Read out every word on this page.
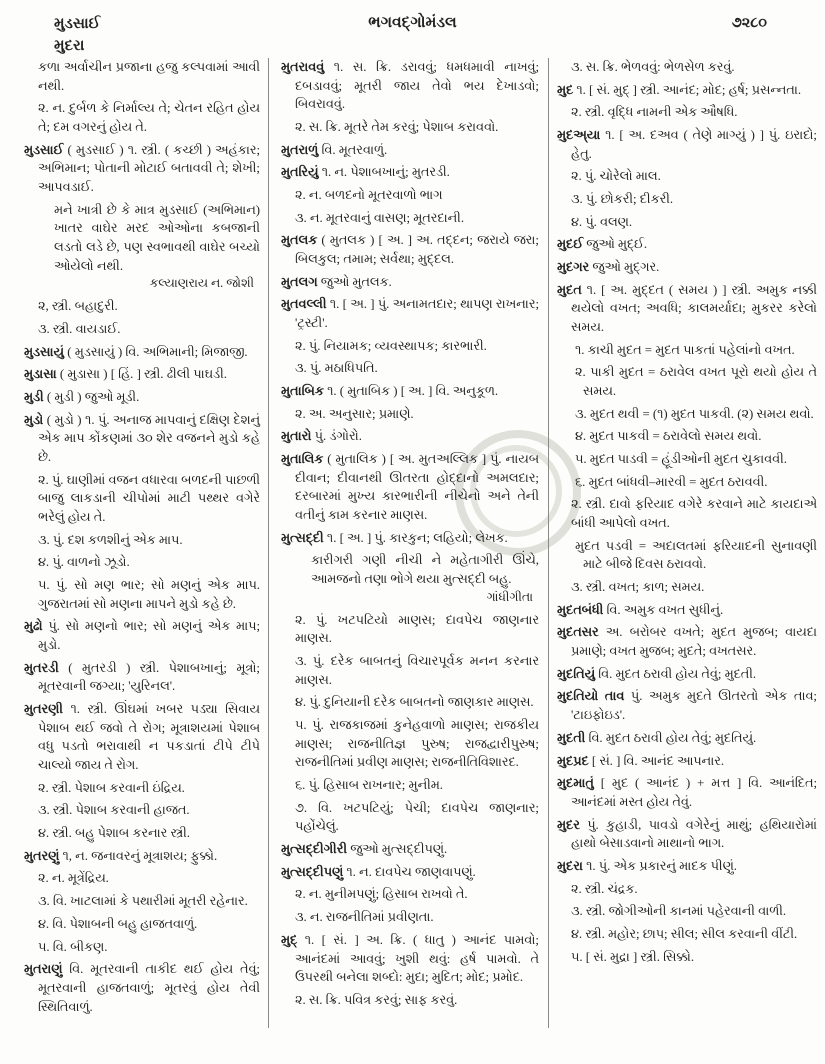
મુડસાઈ
મુદરા
ભગવદ્ગોમંડલ	૭૨૮૦
કળા અર્વાચીન પ્રજાના હજુ કલ્પવામાં આવી નથી.
૨. ન. દુર્બળ કે નિર્માલ્ય તે; ચેતન રહિત હોય તે; દમ વગરનું હોય તે.
મુડસાઈ ( મુડસાઈ ) ૧. સ્ત્રી. ( કચ્છી ) અહંકાર; અભિમાન; પોતાની મોટાઈ બતાવવી તે; શેખી; આપવડાઈ.
મને ખાત્રી છે કે માત્ર મુડસાઈ (અભિમાન) ખાતર વાઘેર મરદ ઓઓના કબજાની લડતો લડે છે, પણ સ્વભાવથી વાઘેર બચ્યો ઓયેલો નથી.
કલ્યાણરાય ન. જોશી
૨, સ્ત્રી. બહાદુરી.
૩. સ્ત્રી. વાયડાઈ.
મુડસાયું ( મુડસાયું ) વિ. અભિમાની; મિજાજી.
મુડાસા ( મુડાસા ) [ હિં. ] સ્ત્રી. ઢીલી પાઘડી.
મુડી ( મુડી ) જુઓ મૂડી.
મુડો ( મુડો ) ૧. પું. અનાજ માપવાનું દક્ષિણ દેશનું એક માપ કોંકણમાં ૩૦ શેર વજનને મુડો કહે છે.
૨. પું. ઘાણીમાં વજન વધારવા બળદની પાછળી બાજુ લાકડાની ચીપોમાં માટી પથ્થર વગેરે ભરેલું હોય તે.
૩. પું. દશ કળશીનું એક માપ.
૪. પું. વાળનો ઝૂડો.
૫. પું. સો મણ ભાર; સો મણનું એક માપ. ગુજરાતમાં સો મણના માપને મુડો કહે છે.
મુઢો પું. સો મણનો ભાર; સો મણનું એક માપ; મુડો.
મુતરડી ( મુતરડી ) સ્ત્રી. પેશાબખાનું; મૂત્રો; મૂતરવાની જગ્યા; 'યુરિનલ'.
મુતરણી ૧. સ્ત્રી. ઊંઘમાં ખબર પડ્યા સિવાય પેશાબ થઈ જવો તે રોગ; મૂત્રાશયમાં પેશાબ વધુ પડતો ભરાવાથી ન પકડાતાં ટીપે ટીપે ચાલ્યો જાય તે રોગ.
૨. સ્ત્રી. પેશાબ કરવાની ઇંદ્રિય.
૩. સ્ત્રી. પેશાબ કરવાની હાજત.
૪. સ્ત્રી. બહુ પેશાબ કરનાર સ્ત્રી.
મુતરણું ૧, ન. જનાવરનું મૂત્રાશય; ફુક્કો.
૨. ન. મૂત્રેંદ્રિય.
૩. વિ. ખાટલામાં કે પથારીમાં મૂતરી રહેનાર.
૪. વિ. પેશાબની બહુ હાજતવાળું.
૫. વિ. બીકણ.
મુતરાણું વિ. મૂતરવાની તાકીદ થઈ હોય તેવું; મૂતરવાની હાજતવાળું; મૂતરવું હોય તેવી સ્થિતિવાળું.
મુતરાવવું ૧. સ. ક્રિ. ડરાવવું; ધમધમાવી નાખવું; દબડાવવું; મૂતરી જાય તેવો ભય દેખાડવો; બિવરાવવું.
૨. સ. ક્રિ. મૂતરે તેમ કરવું; પેશાબ કરાવવો.
મુતરાળું વિ. મૂતરવાળું.
મુતરિયું ૧. ન. પેશાબખાનું; મુતરડી.
૨. ન. બળદનો મૂતરવાળો ભાગ
૩. ન. મૂતરવાનું વાસણ; મૂતરદાની.
મુતલક ( મુતલક ) [ અ. ] અ. તદ્દન; જરાયે જરા; બિલકુલ; તમામ; સર્વથા; મુદ્દલ.
મુતલગ જુઓ મુતલક.
મુતવલ્લી ૧. [ અ. ] પું. અનામતદાર; થાપણ રાખનાર; 'ટ્રસ્ટી'.
૨. પું. નિયામક; વ્યવસ્થાપક; કારભારી.
૩. પું. મઠાધિપતિ.
મુતાબિક ૧. ( મુતાબિક ) [ અ. ] વિ. અનુકૂળ.
૨. અ. અનુસાર; પ્રમાણે.
મુતારો પું. ડંગોરો.
મુતાલિક ( મુતાલિક ) [ અ. મુતઅલ્લિક ] પું. નાયબ દીવાન; દીવાનથી ઊતરતા હોદ્દાનો અમલદાર; દરબારમાં મુખ્ય કારભારીની નીચેનો અને તેની વતીનું કામ કરનાર માણસ.
મુત્સદ્દી ૧. [ અ. ] પું. કારકુન; લહિયો; લેખક.
કારીગરી ગણી નીચી ને મહેતાગીરી ઊંચે, આમજનો તણા ભોગે થયા મુત્સદ્દી બહુ.
ગાંધીગીતા
૨. પું. ખટપટિયો માણસ; દાવપેચ જાણનાર માણસ.
૩. પું. દરેક બાબતનું વિચારપૂર્વક મનન કરનાર માણસ.
૪. પું. દુનિયાની દરેક બાબતનો જાણકાર માણસ.
૫. પું. રાજકાજમાં કુનેહવાળો માણસ; રાજકીય માણસ; રાજનીતિજ્ઞ પુરુષ; રાજદ્વારીપુરુષ; રાજનીતિમાં પ્રવીણ માણસ; રાજનીતિવિશારદ.
૬. પું. હિસાબ રાખનાર; મુનીમ.
૭. વિ. ખટપટિયું; પેચી; દાવપેચ જાણનાર; પહોંચેલું.
મુત્સદ્દીગીરી જુઓ મુત્સદ્દીપણું.
મુત્સદ્દીપણું ૧. ન. દાવપેચ જાણવાપણું.
૨. ન. મુનીમપણું; હિસાબ રાખવો તે.
૩. ન. રાજનીતિમાં પ્રવીણતા.
મુદ્ ૧. [ સં. ] અ. ક્રિ. ( ધાતુ ) આનંદ પામવો; આનંદમાં આવવું; ખુશી થવું: હર્ષ પામવો. તે ઉપરથી બનેલા શબ્દો: મુદા; મુદિત; મોદ; પ્રમોદ.
૨. સ. ક્રિ. પવિત્ર કરવું; સાફ કરવું.
૩. સ. ક્રિ. ભેળવવું: ભેળસેળ કરવું.
મુદ ૧. [ સં. મુદ્ ] સ્ત્રી. આનંદ; મોદ; હર્ષ; પ્રસન્નતા.
૨. સ્ત્રી. વૃદ્ધિ નામની એક ઔષધિ.
મુદઅ્યા ૧. [ અ. દઅવ ( તેણે માગ્યું ) ] પું. ઇરાદો; હેતુ.
૨. પું. ચોરેલો માલ.
૩. પું. છોકરી; દીકરી.
૪. પું. વલણ.
મુદઈ જુઓ મુદ્ઈ.
મુદગર જુઓ મુદ્ગર.
મુદત ૧. [ અ. મુદ્દત ( સમય ) ] સ્ત્રી. અમુક નક્કી થયેલો વખત; અવધિ; કાલમર્યાદા; મુકરર કરેલો સમય.
૧. કાચી મુદત = મુદત પાકતાં પહેલાંનો વખત.
૨. પાકી મુદત = ઠરાવેલ વખત પૂરો થયો હોય તે સમય.
૩. મુદત થવી = (૧) મુદત પાકવી. (૨) સમય થવો.
૪. મુદત પાકવી = ઠરાવેલો સમય થવો.
૫. મુદત પાડવી = હૂંડીઓની મુદત ચુકાવવી.
૬. મુદત બાંધવી–મારવી = મુદત ઠરાવવી.
૨. સ્ત્રી. દાવો ફરિયાદ વગેરે કરવાને માટે કાયદાએ બાંધી આપેલો વખત.
મુદત પડવી = અદાલતમાં ફરિયાદની સુનાવણી માટે બીજે દિવસ ઠરાવવો.
૩. સ્ત્રી. વખત; કાળ; સમય.
મુદતબંધી વિ. અમુક વખત સુધીનું.
મુદતસર અ. બરોબર વખતે; મુદત મુજબ; વાયદા પ્રમાણે; વખત મુજબ; મુદતે; વખતસર.
મુદતિયું વિ. મુદત ઠરાવી હોય તેવું; મુદતી.
મુદતિયો તાવ પું. અમુક મુદતે ઊતરતો એક તાવ; 'ટાઇફોઇડ'.
મુદતી વિ. મુદત ઠરાવી હોય તેવું; મુદતિયું.
મુદપ્રદ [ સં. ] વિ. આનંદ આપનાર.
મુદમાતું [ મુદ ( આનંદ ) + મત્ત ] વિ. આનંદિત; આનંદમાં મસ્ત હોય તેવું.
મુદર પું. કુહાડી, પાવડો વગેરેનું માથું; હથિયારોમાં હાથો બેસાડવાનો માથાનો ભાગ.
મુદરા ૧. પું. એક પ્રકારનું માદક પીણું.
૨. સ્ત્રી. ચંદ્રક.
૩. સ્ત્રી. જોગીઓની કાનમાં પહેરવાની વાળી.
૪. સ્ત્રી. મહોર; છાપ; સીલ; સીલ કરવાની વીંટી.
૫. [ સં. મુદ્રા ] સ્ત્રી. સિક્કો.
